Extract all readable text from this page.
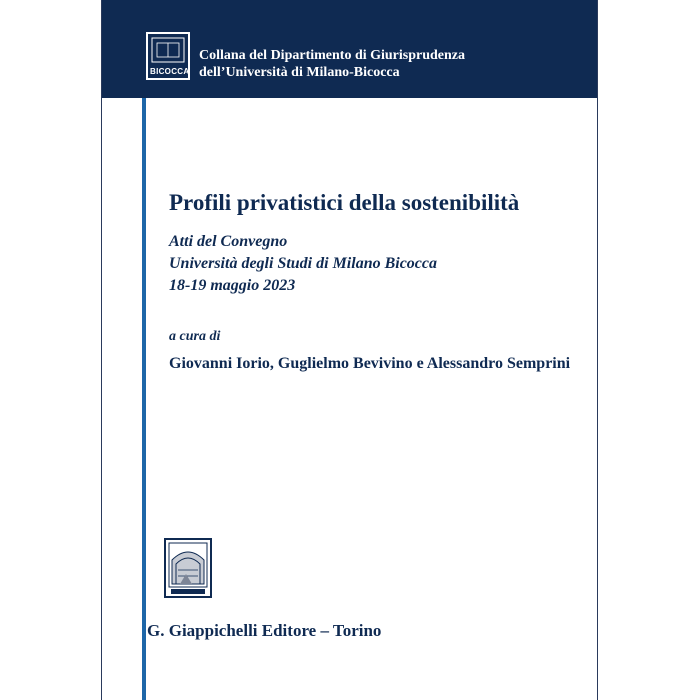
BICOCCA
Collana del Dipartimento di Giurisprudenza
dell’Università di Milano-Bicocca
Profili privatistici della sostenibilità
Atti del Convegno
Università degli Studi di Milano Bicocca
18-19 maggio 2023
a cura di
Giovanni Iorio, Guglielmo Bevivino e Alessandro Semprini
G. Giappichelli Editore – Torino
